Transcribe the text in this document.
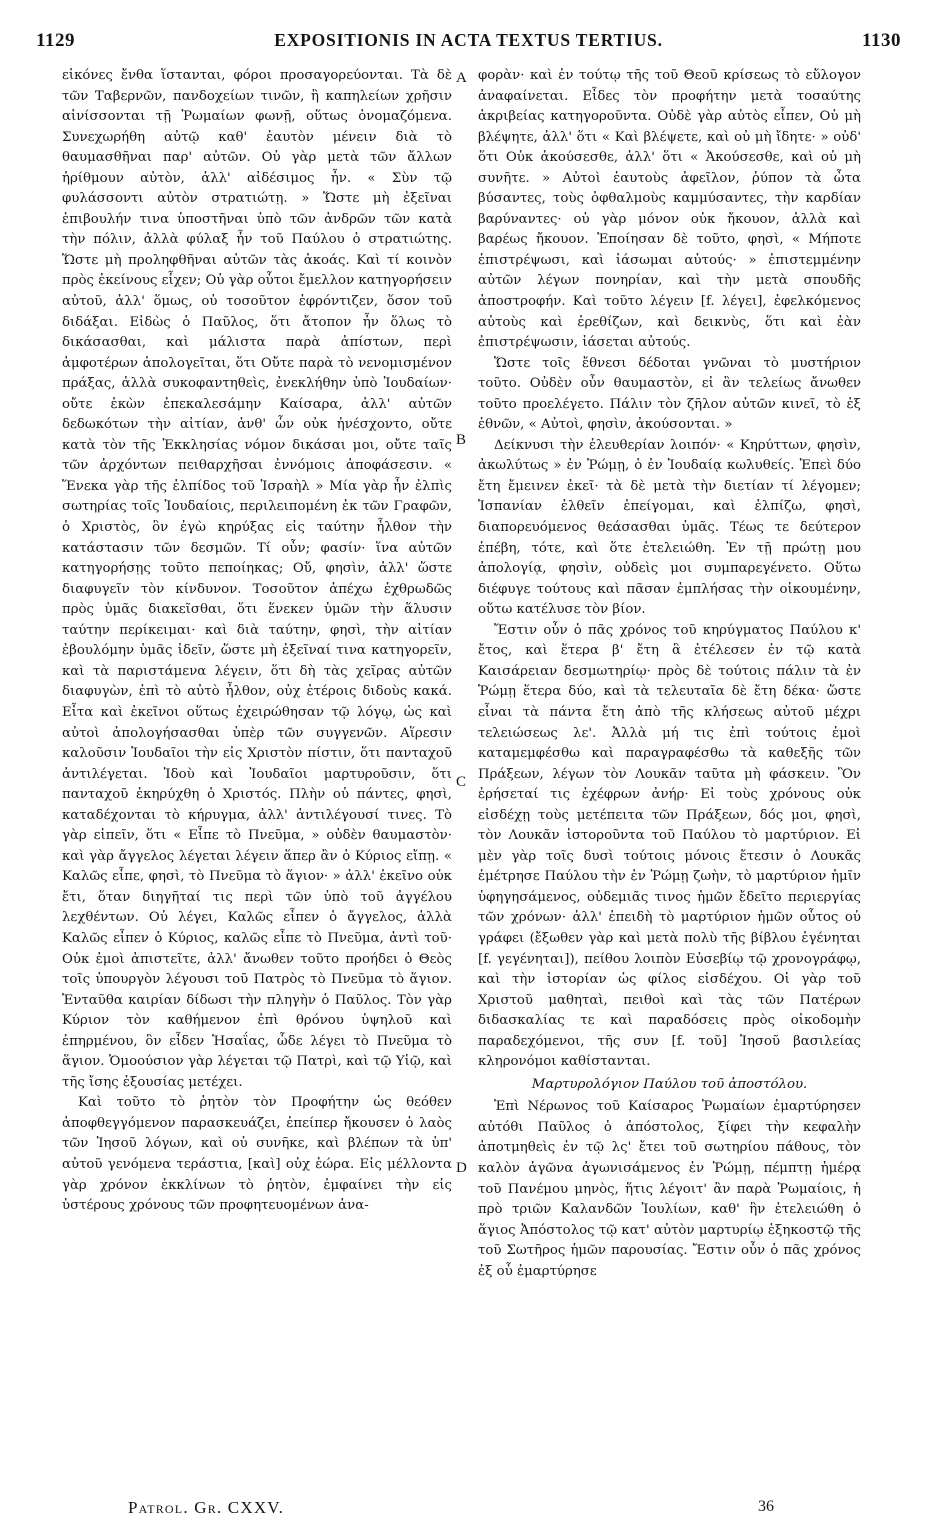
1129	EXPOSITIONIS IN ACTA TEXTUS TERTIUS.	1130
A
B
C
D

εἰκόνες ἔνθα ἵστανται, φόροι προσαγορεύονται. Τὰ δὲ τῶν Ταβερνῶν, πανδοχείων τινῶν, ἢ καπηλείων χρῆσιν αἰνίσσονται τῇ Ῥωμαίων φωνῇ, οὕτως ὀνομαζόμενα. Συνεχωρήθη αὐτῷ καθ' ἑαυτὸν μένειν διὰ τὸ θαυμασθῆναι παρ' αὐτῶν. Οὐ γὰρ μετὰ τῶν ἄλλων ἠρίθμουν αὐτὸν, ἀλλ' αἰδέσιμος ἦν. « Σὺν τῷ φυλάσσοντι αὐτὸν στρατιώτῃ. » Ὥστε μὴ ἐξεῖναι ἐπιβουλήν τινα ὑποστῆναι ὑπὸ τῶν ἀνδρῶν τῶν κατὰ τὴν πόλιν, ἀλλὰ φύλαξ ἦν τοῦ Παύλου ὁ στρατιώτης. Ὥστε μὴ προληφθῆναι αὐτῶν τὰς ἀκοάς. Καὶ τί κοινὸν πρὸς ἐκείνους εἶχεν; Οὐ γὰρ οὗτοι ἔμελλον κατηγορήσειν αὐτοῦ, ἀλλ' ὅμως, οὐ τοσοῦτον ἐφρόντιζεν, ὅσον τοῦ διδάξαι. Εἰδὼς ὁ Παῦλος, ὅτι ἄτοπον ἦν ὅλως τὸ δικάσασθαι, καὶ μάλιστα παρὰ ἀπίστων, περὶ ἀμφοτέρων ἀπολογεῖται, ὅτι Οὔτε παρὰ τὸ νενομισμένον πράξας, ἀλλὰ συκοφαντηθεὶς, ἐνεκλήθην ὑπὸ Ἰουδαίων· οὔτε ἑκὼν ἐπεκαλεσάμην Καίσαρα, ἀλλ' αὐτῶν δεδωκότων τὴν αἰτίαν, ἀνθ' ὧν οὐκ ἠνέσχοντο, οὔτε κατὰ τὸν τῆς Ἐκκλησίας νόμον δικάσαι μοι, οὔτε ταῖς τῶν ἀρχόντων πειθαρχῆσαι ἐννόμοις ἀποφάσεσιν. « Ἕνεκα γὰρ τῆς ἐλπίδος τοῦ Ἰσραὴλ » Μία γὰρ ἦν ἐλπὶς σωτηρίας τοῖς Ἰουδαίοις, περιλειπομένη ἐκ τῶν Γραφῶν, ὁ Χριστὸς, ὃν ἐγὼ κηρύξας εἰς ταύτην ἦλθον τὴν κατάστασιν τῶν δεσμῶν. Τί οὖν; φασίν· ἵνα αὐτῶν κατηγορήσῃς τοῦτο πεποίηκας; Οὔ, φησὶν, ἀλλ' ὥστε διαφυγεῖν τὸν κίνδυνον. Τοσοῦτον ἀπέχω ἐχθρωδῶς πρὸς ὑμᾶς διακεῖσθαι, ὅτι ἕνεκεν ὑμῶν τὴν ἅλυσιν ταύτην περίκειμαι· καὶ διὰ ταύτην, φησὶ, τὴν αἰτίαν ἐβουλόμην ὑμᾶς ἰδεῖν, ὥστε μὴ ἐξεῖναί τινα κατηγορεῖν, καὶ τὰ παριστάμενα λέγειν, ὅτι δὴ τὰς χεῖρας αὐτῶν διαφυγὼν, ἐπὶ τὸ αὐτὸ ἦλθον, οὐχ ἑτέροις διδοὺς κακά. Εἶτα καὶ ἐκεῖνοι οὕτως ἐχειρώθησαν τῷ λόγῳ, ὡς καὶ αὐτοὶ ἀπολογήσασθαι ὑπὲρ τῶν συγγενῶν. Αἵρεσιν καλοῦσιν Ἰουδαῖοι τὴν εἰς Χριστὸν πίστιν, ὅτι πανταχοῦ ἀντιλέγεται. Ἰδοὺ καὶ Ἰουδαῖοι μαρτυροῦσιν, ὅτι πανταχοῦ ἐκηρύχθη ὁ Χριστός. Πλὴν οὐ πάντες, φησὶ, καταδέχονται τὸ κήρυγμα, ἀλλ' ἀντιλέγουσί τινες. Τὸ γὰρ εἰπεῖν, ὅτι « Εἶπε τὸ Πνεῦμα, » οὐδὲν θαυμαστὸν· καὶ γὰρ ἄγγελος λέγεται λέγειν ἅπερ ἂν ὁ Κύριος εἴπῃ. « Καλῶς εἶπε, φησὶ, τὸ Πνεῦμα τὸ ἅγιον· » ἀλλ' ἐκεῖνο οὐκ ἔτι, ὅταν διηγῆταί τις περὶ τῶν ὑπὸ τοῦ ἀγγέλου λεχθέντων. Οὐ λέγει, Καλῶς εἶπεν ὁ ἄγγελος, ἀλλὰ Καλῶς εἶπεν ὁ Κύριος, καλῶς εἶπε τὸ Πνεῦμα, ἀντὶ τοῦ· Οὐκ ἐμοὶ ἀπιστεῖτε, ἀλλ' ἄνωθεν τοῦτο προήδει ὁ Θεὸς τοῖς ὑπουργὸν λέγουσι τοῦ Πατρὸς τὸ Πνεῦμα τὸ ἅγιον. Ἐνταῦθα καιρίαν δίδωσι τὴν πληγὴν ὁ Παῦλος. Τὸν γὰρ Κύριον τὸν καθήμενον ἐπὶ θρόνου ὑψηλοῦ καὶ ἐπηρμένου, ὃν εἶδεν Ἡσαΐας, ὧδε λέγει τὸ Πνεῦμα τὸ ἅγιον. Ὁμοούσιον γὰρ λέγεται τῷ Πατρὶ, καὶ τῷ Υἱῷ, καὶ τῆς ἴσης ἐξουσίας μετέχει.

Καὶ τοῦτο τὸ ῥητὸν τὸν Προφήτην ὡς θεόθεν ἀποφθεγγόμενον παρασκευάζει, ἐπείπερ ἤκουσεν ὁ λαὸς τῶν Ἰησοῦ λόγων, καὶ οὐ συνῆκε, καὶ βλέπων τὰ ὑπ' αὐτοῦ γενόμενα τεράστια, [καὶ] οὐχ ἑώρα. Εἰς μέλλοντα γὰρ χρόνον ἐκκλίνων τὸ ῥητὸν, ἐμφαίνει τὴν εἰς ὑστέρους χρόνους τῶν προφητευομένων ἀνα-

φορὰν· καὶ ἐν τούτῳ τῆς τοῦ Θεοῦ κρίσεως τὸ εὔλογον ἀναφαίνεται. Εἶδες τὸν προφήτην μετὰ τοσαύτης ἀκριβείας κατηγοροῦντα. Οὐδὲ γὰρ αὐτὸς εἶπεν, Οὐ μὴ βλέψητε, ἀλλ' ὅτι « Καὶ βλέψετε, καὶ οὐ μὴ ἴδητε· » οὐδ' ὅτι Οὐκ ἀκούσεσθε, ἀλλ' ὅτι « Ἀκούσεσθε, καὶ οὐ μὴ συνῆτε. » Αὐτοὶ ἑαυτοὺς ἀφεῖλον, ῥύπον τὰ ὦτα βύσαντες, τοὺς ὀφθαλμοὺς καμμύσαντες, τὴν καρδίαν βαρύναντες· οὐ γὰρ μόνον οὐκ ἤκουον, ἀλλὰ καὶ βαρέως ἤκουον. Ἐποίησαν δὲ τοῦτο, φησὶ, « Μήποτε ἐπιστρέψωσι, καὶ ἰάσωμαι αὐτούς· » ἐπιστεμμένην αὐτῶν λέγων πονηρίαν, καὶ τὴν μετὰ σπουδῆς ἀποστροφήν. Καὶ τοῦτο λέγειν [f. λέγει], ἐφελκόμενος αὐτοὺς καὶ ἐρεθίζων, καὶ δεικνὺς, ὅτι καὶ ἐὰν ἐπιστρέψωσιν, ἰάσεται αὐτούς.

Ὥστε τοῖς ἔθνεσι δέδοται γνῶναι τὸ μυστήριον τοῦτο. Οὐδὲν οὖν θαυμαστὸν, εἰ ἂν τελείως ἄνωθεν τοῦτο προελέγετο. Πάλιν τὸν ζῆλον αὐτῶν κινεῖ, τὸ ἐξ ἐθνῶν, « Αὐτοὶ, φησὶν, ἀκούσονται. »

Δείκνυσι τὴν ἐλευθερίαν λοιπόν· « Κηρύττων, φησὶν, ἀκωλύτως » ἐν Ῥώμῃ, ὁ ἐν Ἰουδαίᾳ κωλυθείς. Ἐπεὶ δύο ἔτη ἔμεινεν ἐκεῖ· τὰ δὲ μετὰ τὴν διετίαν τί λέγομεν; Ἱσπανίαν ἐλθεῖν ἐπείγομαι, καὶ ἐλπίζω, φησὶ, διαπορευόμενος θεάσασθαι ὑμᾶς. Τέως τε δεύτερον ἐπέβη, τότε, καὶ ὅτε ἐτελειώθη. Ἐν τῇ πρώτῃ μου ἀπολογίᾳ, φησὶν, οὐδεὶς μοι συμπαρεγένετο. Οὕτω διέφυγε τούτους καὶ πᾶσαν ἐμπλήσας τὴν οἰκουμένην, οὕτω κατέλυσε τὸν βίον.

Ἔστιν οὖν ὁ πᾶς χρόνος τοῦ κηρύγματος Παύλου κ' ἔτος, καὶ ἕτερα β' ἔτη ἃ ἐτέλεσεν ἐν τῷ κατὰ Καισάρειαν δεσμωτηρίῳ· πρὸς δὲ τούτοις πάλιν τὰ ἐν Ῥώμῃ ἕτερα δύο, καὶ τὰ τελευταῖα δὲ ἔτη δέκα· ὥστε εἶναι τὰ πάντα ἔτη ἀπὸ τῆς κλήσεως αὐτοῦ μέχρι τελειώσεως λε'. Ἀλλὰ μή τις ἐπὶ τούτοις ἐμοὶ καταμεμφέσθω καὶ παραγραφέσθω τὰ καθεξῆς τῶν Πράξεων, λέγων τὸν Λουκᾶν ταῦτα μὴ φάσκειν. Ὃν ἐρήσεταί τις ἐχέφρων ἀνήρ· Εἰ τοὺς χρόνους οὐκ εἰσδέχῃ τοὺς μετέπειτα τῶν Πράξεων, δός μοι, φησὶ, τὸν Λουκᾶν ἱστοροῦντα τοῦ Παύλου τὸ μαρτύριον. Εἰ μὲν γὰρ τοῖς δυσὶ τούτοις μόνοις ἔτεσιν ὁ Λουκᾶς ἐμέτρησε Παύλου τὴν ἐν Ῥώμῃ ζωὴν, τὸ μαρτύριον ἡμῖν ὑφηγησάμενος, οὐδεμιᾶς τινος ἡμῶν ἔδεῖτο περιεργίας τῶν χρόνων· ἀλλ' ἐπειδὴ τὸ μαρτύριον ἡμῶν οὗτος οὐ γράφει (ἔξωθεν γὰρ καὶ μετὰ πολὺ τῆς βίβλου ἐγένηται [f. γεγένηται]), πείθου λοιπὸν Εὐσεβίῳ τῷ χρονογράφῳ, καὶ τὴν ἱστορίαν ὡς φίλος εἰσδέχου. Οἱ γὰρ τοῦ Χριστοῦ μαθηταὶ, πειθοὶ καὶ τὰς τῶν Πατέρων διδασκαλίας τε καὶ παραδόσεις πρὸς οἰκοδομὴν παραδεχόμενοι, τῆς συν [f. τοῦ] Ἰησοῦ βασιλείας κληρονόμοι καθίστανται.

Μαρτυρολόγιον Παύλου τοῦ ἀποστόλου.

Ἐπὶ Νέρωνος τοῦ Καίσαρος Ῥωμαίων ἐμαρτύρησεν αὐτόθι Παῦλος ὁ ἀπόστολος, ξίφει τὴν κεφαλὴν ἀποτμηθεὶς ἐν τῷ λς' ἔτει τοῦ σωτηρίου πάθους, τὸν καλὸν ἀγῶνα ἀγωνισάμενος ἐν Ῥώμῃ, πέμπτῃ ἡμέρᾳ τοῦ Πανέμου μηνὸς, ἥτις λέγοιτ' ἂν παρὰ Ῥωμαίοις, ἡ πρὸ τριῶν Καλανδῶν Ἰουλίων, καθ' ἣν ἐτελειώθη ὁ ἅγιος Ἀπόστολος τῷ κατ' αὐτὸν μαρτυρίῳ ἑξηκοστῷ τῆς τοῦ Σωτῆρος ἡμῶν παρουσίας. Ἔστιν οὖν ὁ πᾶς χρόνος ἐξ οὗ ἐμαρτύρησε

Patrol. Gr. CXXV.	36
